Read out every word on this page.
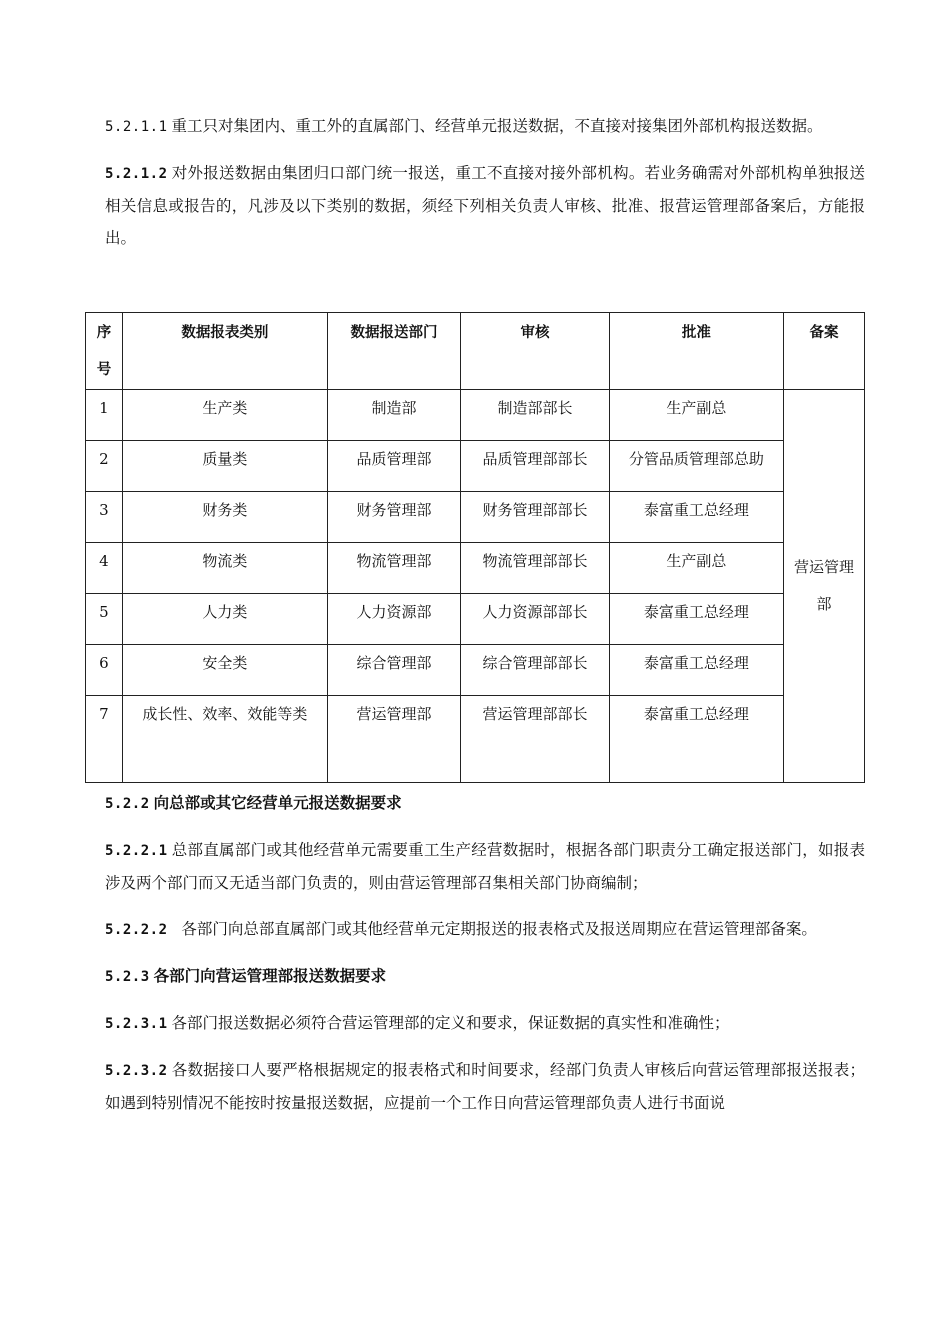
5.2.1.1 重工只对集团内、重工外的直属部门、经营单元报送数据，不直接对接集团外部机构报送数据。

5.2.1.2 对外报送数据由集团归口部门统一报送，重工不直接对接外部机构。若业务确需对外部机构单独报送相关信息或报告的，凡涉及以下类别的数据，须经下列相关负责人审核、批准、报营运管理部备案后，方能报出。

序号	数据报表类别	数据报送部门	审核	批准	备案
1	生产类	制造部	制造部部长	生产副总	营运管理部
2	质量类	品质管理部	品质管理部部长	分管品质管理部总助	
3	财务类	财务管理部	财务管理部部长	泰富重工总经理	
4	物流类	物流管理部	物流管理部部长	生产副总	
5	人力类	人力资源部	人力资源部部长	泰富重工总经理	
6	安全类	综合管理部	综合管理部部长	泰富重工总经理	
7	成长性、效率、效能等类	营运管理部	营运管理部部长	泰富重工总经理	

5.2.2 向总部或其它经营单元报送数据要求

5.2.2.1 总部直属部门或其他经营单元需要重工生产经营数据时，根据各部门职责分工确定报送部门，如报表涉及两个部门而又无适当部门负责的，则由营运管理部召集相关部门协商编制；

5.2.2.2 各部门向总部直属部门或其他经营单元定期报送的报表格式及报送周期应在营运管理部备案。

5.2.3 各部门向营运管理部报送数据要求

5.2.3.1 各部门报送数据必须符合营运管理部的定义和要求，保证数据的真实性和准确性；

5.2.3.2 各数据接口人要严格根据规定的报表格式和时间要求，经部门负责人审核后向营运管理部报送报表；如遇到特别情况不能按时按量报送数据，应提前一个工作日向营运管理部负责人进行书面说
